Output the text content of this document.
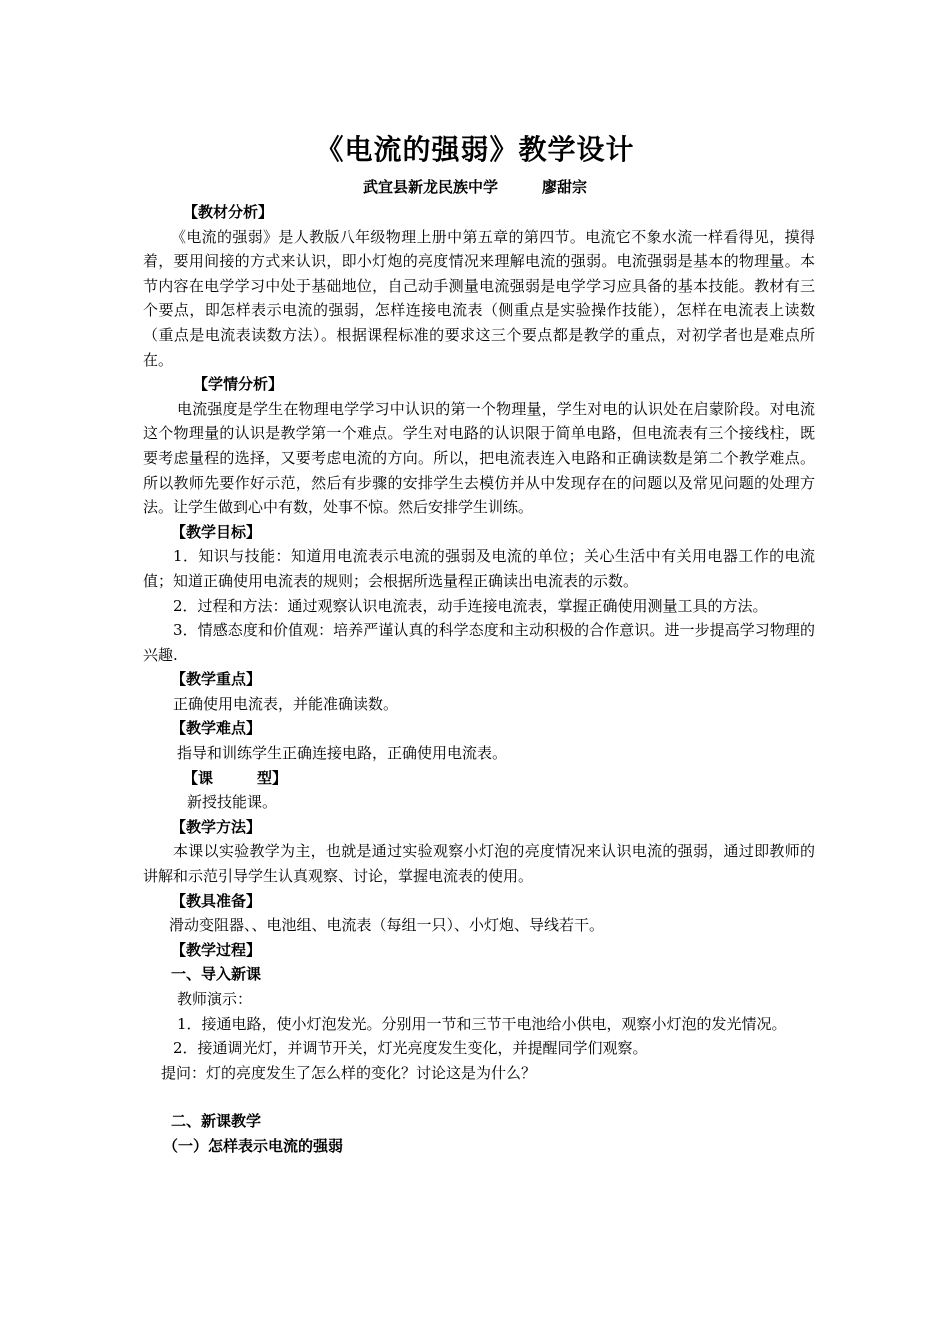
《电流的强弱》教学设计
武宜县新龙民族中学	廖甜宗

【教材分析】

《电流的强弱》是人教版八年级物理上册中第五章的第四节。电流它不象水流一样看得见，摸得着，要用间接的方式来认识，即小灯炮的亮度情况来理解电流的强弱。电流强弱是基本的物理量。本节内容在电学学习中处于基础地位，自己动手测量电流强弱是电学学习应具备的基本技能。教材有三个要点，即怎样表示电流的强弱，怎样连接电流表（侧重点是实验操作技能），怎样在电流表上读数（重点是电流表读数方法）。根据课程标准的要求这三个要点都是教学的重点，对初学者也是难点所在。

【学情分析】

电流强度是学生在物理电学学习中认识的第一个物理量，学生对电的认识处在启蒙阶段。对电流这个物理量的认识是教学第一个难点。学生对电路的认识限于简单电路，但电流表有三个接线柱，既要考虑量程的选择，又要考虑电流的方向。所以，把电流表连入电路和正确读数是第二个教学难点。所以教师先要作好示范，然后有步骤的安排学生去模仿并从中发现存在的问题以及常见问题的处理方法。让学生做到心中有数，处事不惊。然后安排学生训练。

【教学目标】

1．知识与技能：知道用电流表示电流的强弱及电流的单位；关心生活中有关用电器工作的电流值；知道正确使用电流表的规则；会根据所选量程正确读出电流表的示数。

2．过程和方法：通过观察认识电流表，动手连接电流表，掌握正确使用测量工具的方法。

3．情感态度和价值观：培养严谨认真的科学态度和主动积极的合作意识。进一步提高学习物理的兴趣.

【教学重点】

正确使用电流表，并能准确读数。

【教学难点】

指导和训练学生正确连接电路，正确使用电流表。

【课	型】

新授技能课。

【教学方法】

本课以实验教学为主，也就是通过实验观察小灯泡的亮度情况来认识电流的强弱，通过即教师的讲解和示范引导学生认真观察、讨论，掌握电流表的使用。

【教具准备】

滑动变阻器、、电池组、电流表（每组一只）、小灯炮、导线若干。

【教学过程】

一、导入新课

教师演示：

1．接通电路，使小灯泡发光。分别用一节和三节干电池给小供电，观察小灯泡的发光情况。

2．接通调光灯，并调节开关，灯光亮度发生变化，并提醒同学们观察。

提问：灯的亮度发生了怎么样的变化？讨论这是为什么？

二、新课教学

（一）怎样表示电流的强弱
